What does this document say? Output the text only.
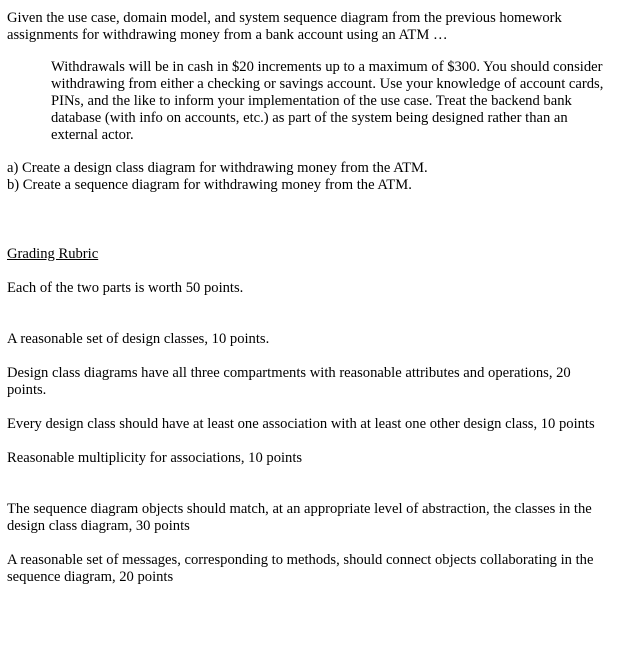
Given the use case, domain model, and system sequence diagram from the previous homework assignments for withdrawing money from a bank account using an ATM …

Withdrawals will be in cash in $20 increments up to a maximum of $300. You should consider withdrawing from either a checking or savings account. Use your knowledge of account cards, PINs, and the like to inform your implementation of the use case. Treat the backend bank database (with info on accounts, etc.) as part of the system being designed rather than an external actor.

a) Create a design class diagram for withdrawing money from the ATM.

b) Create a sequence diagram for withdrawing money from the ATM.

Grading Rubric

Each of the two parts is worth 50 points.

A reasonable set of design classes, 10 points.

Design class diagrams have all three compartments with reasonable attributes and operations, 20 points.

Every design class should have at least one association with at least one other design class, 10 points

Reasonable multiplicity for associations, 10 points

The sequence diagram objects should match, at an appropriate level of abstraction, the classes in the design class diagram, 30 points

A reasonable set of messages, corresponding to methods, should connect objects collaborating in the sequence diagram, 20 points
